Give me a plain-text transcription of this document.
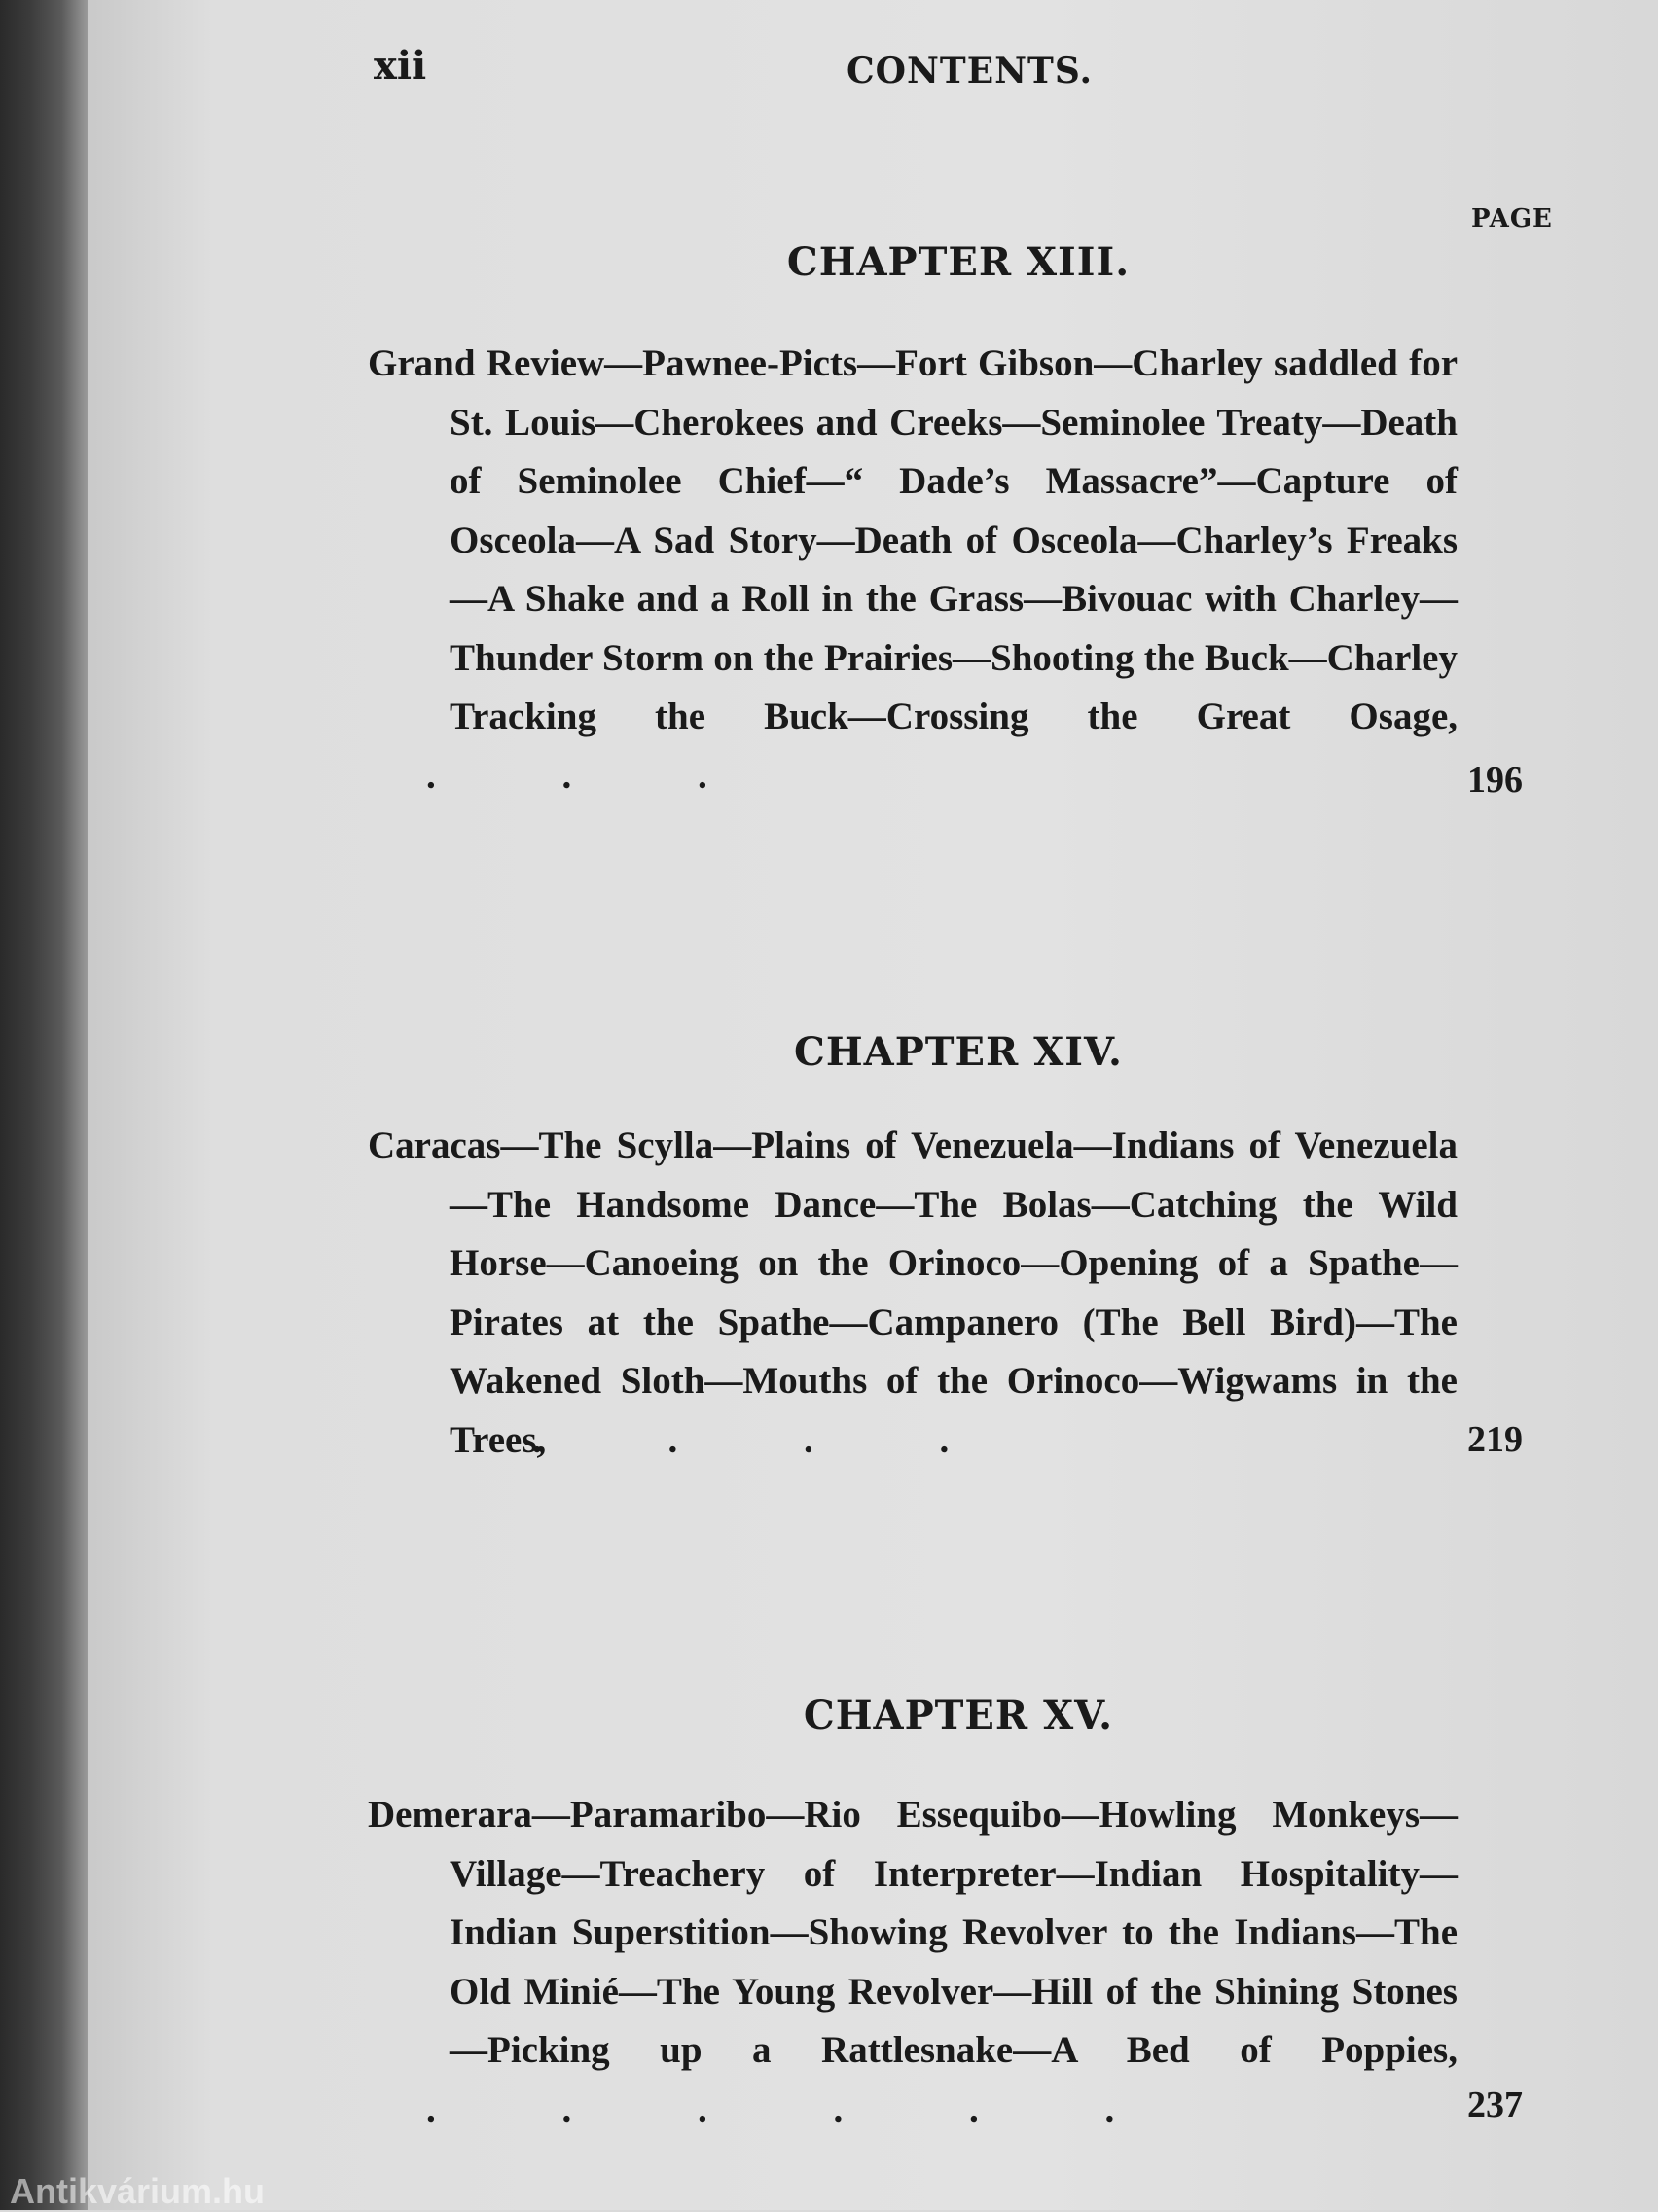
xii	CONTENTS.
PAGE
CHAPTER XIII.
Grand Review—Pawnee-Picts—Fort Gibson—Charley saddled for St. Louis—Cherokees and Creeks—Seminolee Treaty—Death of Seminolee Chief—“ Dade’s Massacre”—Capture of Osceola—A Sad Story—Death of Osceola—Charley’s Freaks—A Shake and a Roll in the Grass—Bivouac with Charley—Thunder Storm on the Prairies—Shooting the Buck—Charley Tracking the Buck—Crossing the Great Osage, . . .	196
CHAPTER XIV.
Caracas—The Scylla—Plains of Venezuela—Indians of Venezuela—The Handsome Dance—The Bolas—Catching the Wild Horse—Canoeing on the Orinoco—Opening of a Spathe—Pirates at the Spathe—Campanero (The Bell Bird)—The Wakened Sloth—Mouths of the Orinoco—Wigwams in the Trees, . . . .	219
CHAPTER XV.
Demerara—Paramaribo—Rio Essequibo—Howling Monkeys—Village—Treachery of Interpreter—Indian Hospitality—Indian Superstition—Showing Revolver to the Indians—The Old Minié—The Young Revolver—Hill of the Shining Stones—Picking up a Rattlesnake—A Bed of Poppies, . . . . . .	237
Antikvárium.hu
